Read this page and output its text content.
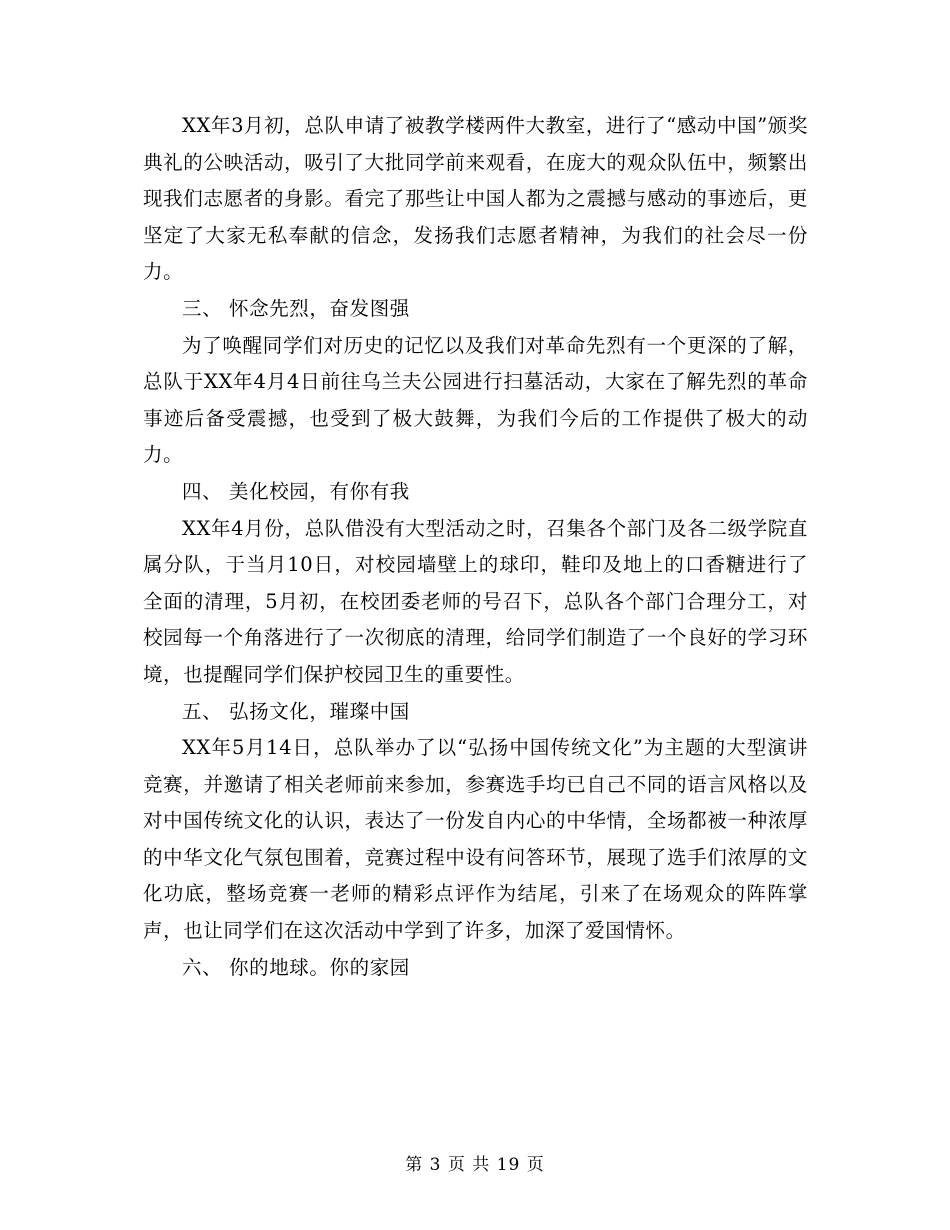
XX年3月初，总队申请了被教学楼两件大教室，进行了“感动中国”颁奖典礼的公映活动，吸引了大批同学前来观看，在庞大的观众队伍中，频繁出现我们志愿者的身影。看完了那些让中国人都为之震撼与感动的事迹后，更坚定了大家无私奉献的信念，发扬我们志愿者精神，为我们的社会尽一份力。

三、 怀念先烈，奋发图强

为了唤醒同学们对历史的记忆以及我们对革命先烈有一个更深的了解，总队于XX年4月4日前往乌兰夫公园进行扫墓活动，大家在了解先烈的革命事迹后备受震撼，也受到了极大鼓舞，为我们今后的工作提供了极大的动力。

四、 美化校园，有你有我

XX年4月份，总队借没有大型活动之时，召集各个部门及各二级学院直属分队，于当月10日，对校园墙壁上的球印，鞋印及地上的口香糖进行了全面的清理，5月初，在校团委老师的号召下，总队各个部门合理分工，对校园每一个角落进行了一次彻底的清理，给同学们制造了一个良好的学习环境，也提醒同学们保护校园卫生的重要性。

五、 弘扬文化，璀璨中国

XX年5月14日，总队举办了以“弘扬中国传统文化”为主题的大型演讲竞赛，并邀请了相关老师前来参加，参赛选手均已自己不同的语言风格以及对中国传统文化的认识，表达了一份发自内心的中华情，全场都被一种浓厚的中华文化气氛包围着，竞赛过程中设有问答环节，展现了选手们浓厚的文化功底，整场竞赛一老师的精彩点评作为结尾，引来了在场观众的阵阵掌声，也让同学们在这次活动中学到了许多，加深了爱国情怀。

六、 你的地球。你的家园

第 3 页 共 19 页
